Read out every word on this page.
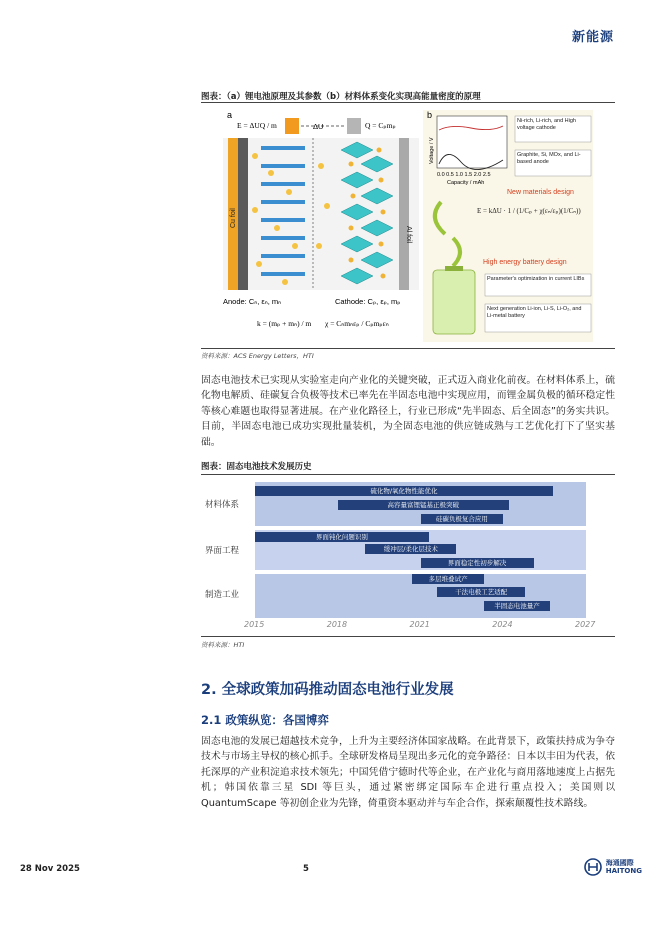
新能源
图表：（a）锂电池原理及其参数（b）材料体系变化实现高能量密度的原理
a
E = ΔUQ / m	ΔU	Q = Cₚmₚ
Cu foil
Al foil
Anode: Cₙ, εₙ, mₙ	Cathode: Cₚ, εₚ, mₚ
k = (mₚ + mₙ) / m χ = Cₙmₙεₚ / Cₚmₚεₙ
b
Voltage / V
0.0 0.5 1.0 1.5 2.0 2.5
Capacity / mAh
Ni-rich, Li-rich, and High voltage cathode
Graphite, Si, MOx, and Li-based anode
New materials design
E = kΔU · 1 / (1/Cₚ + χ(εₙ/εₚ)(1/Cₙ))
High energy battery design
Parameter's optimization in current LIBs
Next generation Li-ion, Li-S, Li-O₂, and Li-metal battery
资料来源：ACS Energy Letters，HTI
固态电池技术已实现从实验室走向产业化的关键突破，正式迈入商业化前夜。在材料体系上，硫化物电解质、硅碳复合负极等技术已率先在半固态电池中实现应用，而锂金属负极的循环稳定性等核心难题也取得显著进展。在产业化路径上，行业已形成“先半固态、后全固态”的务实共识。目前，半固态电池已成功实现批量装机，为全固态电池的供应链成熟与工艺优化打下了坚实基础。
图表：固态电池技术发展历史
材料体系
界面工程
制造工业
硫化物/氧化物性能优化
高容量富锂锰基正极突破
硅碳负极复合应用
界面钝化问题识别
缓冲层/柔化层技术
界面稳定性初步解决
多层堆叠试产
干法电极工艺适配
半固态电池量产
2015	2018	2021	2024	2027
资料来源：HTI
2. 全球政策加码推动固态电池行业发展
2.1 政策纵览：各国博弈
固态电池的发展已超越技术竞争，上升为主要经济体国家战略。在此背景下，政策扶持成为争夺技术与市场主导权的核心抓手。全球研发格局呈现出多元化的竞争路径：日本以丰田为代表，依托深厚的产业积淀追求技术领先；中国凭借宁德时代等企业，在产业化与商用落地速度上占据先机；韩国依靠三星 SDI 等巨头，通过紧密绑定国际车企进行重点投入；美国则以 QuantumScape 等初创企业为先锋，倚重资本驱动并与车企合作，探索颠覆性技术路线。
28 Nov 2025	5
海通國際
HAITONG
